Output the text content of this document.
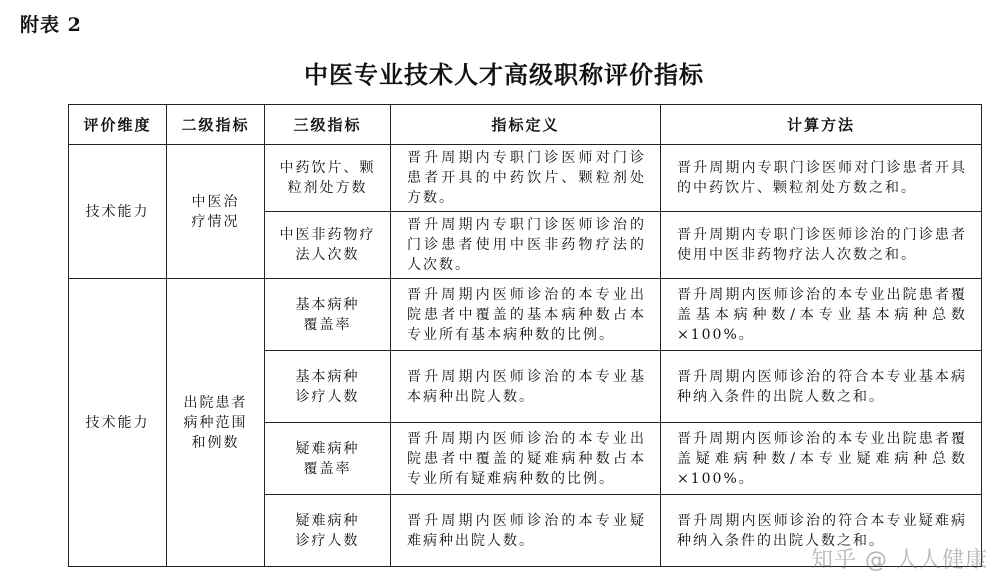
附表 2
中医专业技术人才高级职称评价指标
评价维度	二级指标	三级指标	指标定义	计算方法
技术能力	中医治疗情况	中药饮片、颗粒剂处方数	晋升周期内专职门诊医师对门诊患者开具的中药饮片、颗粒剂处方数。	晋升周期内专职门诊医师对门诊患者开具的中药饮片、颗粒剂处方数之和。
		中医非药物疗法人次数	晋升周期内专职门诊医师诊治的门诊患者使用中医非药物疗法的人次数。	晋升周期内专职门诊医师诊治的门诊患者使用中医非药物疗法人次数之和。
技术能力	出院患者病种范围和例数	基本病种覆盖率	晋升周期内医师诊治的本专业出院患者中覆盖的基本病种数占本专业所有基本病种数的比例。	晋升周期内医师诊治的本专业出院患者覆盖基本病种数/本专业基本病种总数×100%。
		基本病种诊疗人数	晋升周期内医师诊治的本专业基本病种出院人数。	晋升周期内医师诊治的符合本专业基本病种纳入条件的出院人数之和。
		疑难病种覆盖率	晋升周期内医师诊治的本专业出院患者中覆盖的疑难病种数占本专业所有疑难病种数的比例。	晋升周期内医师诊治的本专业出院患者覆盖疑难病种数/本专业疑难病种总数×100%。
		疑难病种诊疗人数	晋升周期内医师诊治的本专业疑难病种出院人数。	晋升周期内医师诊治的符合本专业疑难病种纳入条件的出院人数之和。
知乎 @ 人人健康
